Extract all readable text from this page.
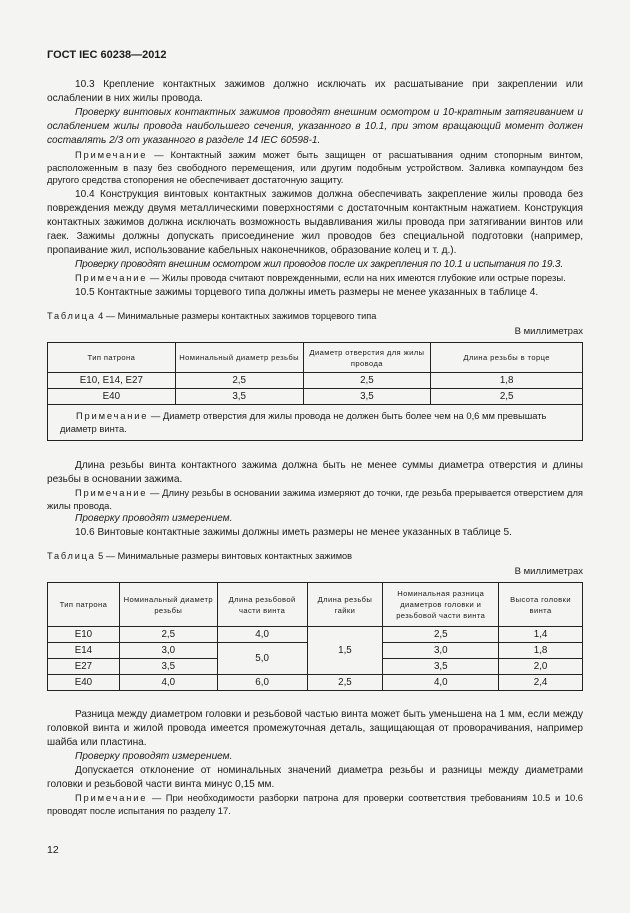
ГОСТ IEC 60238—2012

10.3 Крепление контактных зажимов должно исключать их расшатывание при закреплении или ослаблении в них жилы провода.

Проверку винтовых контактных зажимов проводят внешним осмотром и 10-кратным затягиванием и ослаблением жилы провода наибольшего сечения, указанного в 10.1, при этом вращающий момент должен составлять 2/3 от указанного в разделе 14 IEC 60598-1.

Примечание — Контактный зажим может быть защищен от расшатывания одним стопорным винтом, расположенным в пазу без свободного перемещения, или другим подобным устройством. Заливка компаундом без другого средства стопорения не обеспечивает достаточную защиту.

10.4 Конструкция винтовых контактных зажимов должна обеспечивать закрепление жилы провода без повреждения между двумя металлическими поверхностями с достаточным контактным нажатием. Конструкция контактных зажимов должна исключать возможность выдавливания жилы провода при затягивании винтов или гаек. Зажимы должны допускать присоединение жил проводов без специальной подготовки (например, пропаивание жил, использование кабельных наконечников, образование колец и т. д.).

Проверку проводят внешним осмотром жил проводов после их закрепления по 10.1 и испытания по 19.3.

Примечание — Жилы провода считают поврежденными, если на них имеются глубокие или острые порезы.

10.5 Контактные зажимы торцевого типа должны иметь размеры не менее указанных в таблице 4.

Таблица 4 — Минимальные размеры контактных зажимов торцевого типа
В миллиметрах
Тип патрона	Номинальный диаметр резьбы	Диаметр отверстия для жилы провода	Длина резьбы в торце
E10, E14, E27	2,5	2,5	1,8
E40	3,5	3,5	2,5
Примечание — Диаметр отверстия для жилы провода не должен быть более чем на 0,6 мм превышать диаметр винта.			

Длина резьбы винта контактного зажима должна быть не менее суммы диаметра отверстия и длины резьбы в основании зажима.

Примечание — Длину резьбы в основании зажима измеряют до точки, где резьба прерывается отверстием для жилы провода.

Проверку проводят измерением.

10.6 Винтовые контактные зажимы должны иметь размеры не менее указанных в таблице 5.

Таблица 5 — Минимальные размеры винтовых контактных зажимов
В миллиметрах
Тип патрона	Номинальный диаметр резьбы	Длина резьбовой части винта	Длина резьбы гайки	Номинальная разница диаметров головки и резьбовой части винта	Высота головки винта
E10	2,5	4,0	1,5	2,5	1,4
E14	3,0	5,0		3,0	1,8
E27	3,5			3,5	2,0
E40	4,0	6,0	2,5	4,0	2,4

Разница между диаметром головки и резьбовой частью винта может быть уменьшена на 1 мм, если между головкой винта и жилой провода имеется промежуточная деталь, защищающая от проворачивания, например шайба или пластина.

Проверку проводят измерением.

Допускается отклонение от номинальных значений диаметра резьбы и разницы между диаметрами головки и резьбовой части винта минус 0,15 мм.

Примечание — При необходимости разборки патрона для проверки соответствия требованиям 10.5 и 10.6 проводят после испытания по разделу 17.

12
